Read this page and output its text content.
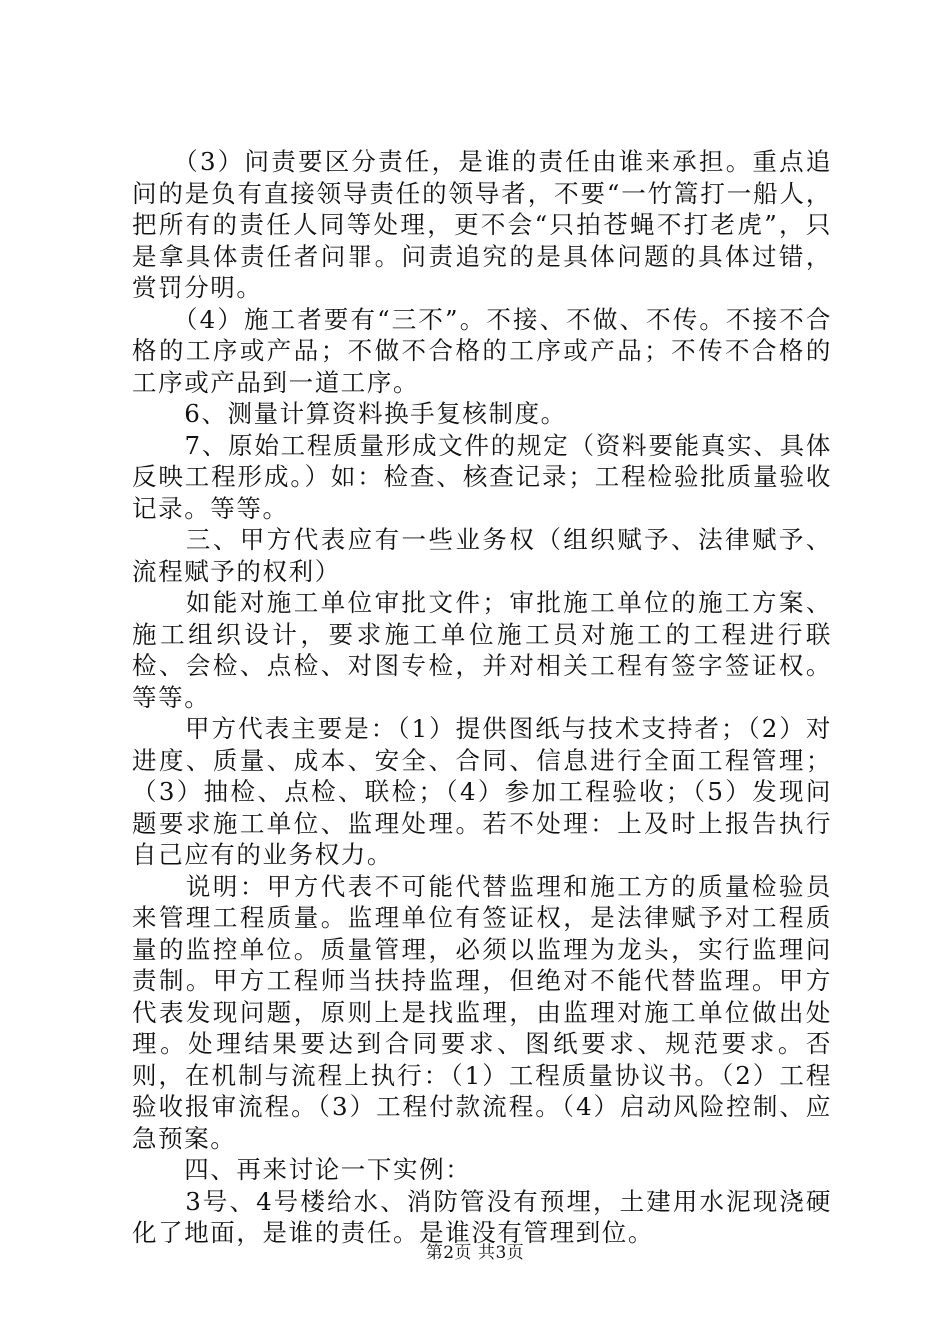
　　（3）问责要区分责任，是谁的责任由谁来承担。重点追问的是负有直接领导责任的领导者，不要“一竹篙打一船人，把所有的责任人同等处理，更不会“只拍苍蝇不打老虎”，只是拿具体责任者问罪。问责追究的是具体问题的具体过错，赏罚分明。

　　（4）施工者要有“三不”。不接、不做、不传。不接不合格的工序或产品；不做不合格的工序或产品；不传不合格的工序或产品到一道工序。

　　6、测量计算资料换手复核制度。

　　7、原始工程质量形成文件的规定（资料要能真实、具体反映工程形成。）如：检查、核查记录；工程检验批质量验收记录。等等。

　　三、甲方代表应有一些业务权（组织赋予、法律赋予、流程赋予的权利）

　　如能对施工单位审批文件；审批施工单位的施工方案、施工组织设计，要求施工单位施工员对施工的工程进行联检、会检、点检、对图专检，并对相关工程有签字签证权。等等。

　　甲方代表主要是：（1）提供图纸与技术支持者；（2）对进度、质量、成本、安全、合同、信息进行全面工程管理；（3）抽检、点检、联检；（4）参加工程验收；（5）发现问题要求施工单位、监理处理。若不处理：上及时上报告执行自己应有的业务权力。

　　说明：甲方代表不可能代替监理和施工方的质量检验员来管理工程质量。监理单位有签证权，是法律赋予对工程质量的监控单位。质量管理，必须以监理为龙头，实行监理问责制。甲方工程师当扶持监理，但绝对不能代替监理。甲方代表发现问题，原则上是找监理，由监理对施工单位做出处理。处理结果要达到合同要求、图纸要求、规范要求。否则，在机制与流程上执行：（1）工程质量协议书。（2）工程验收报审流程。（3）工程付款流程。（4）启动风险控制、应急预案。

　　四、再来讨论一下实例：

　　3号、4号楼给水、消防管没有预埋，土建用水泥现浇硬化了地面，是谁的责任。是谁没有管理到位。

第2页 共3页
